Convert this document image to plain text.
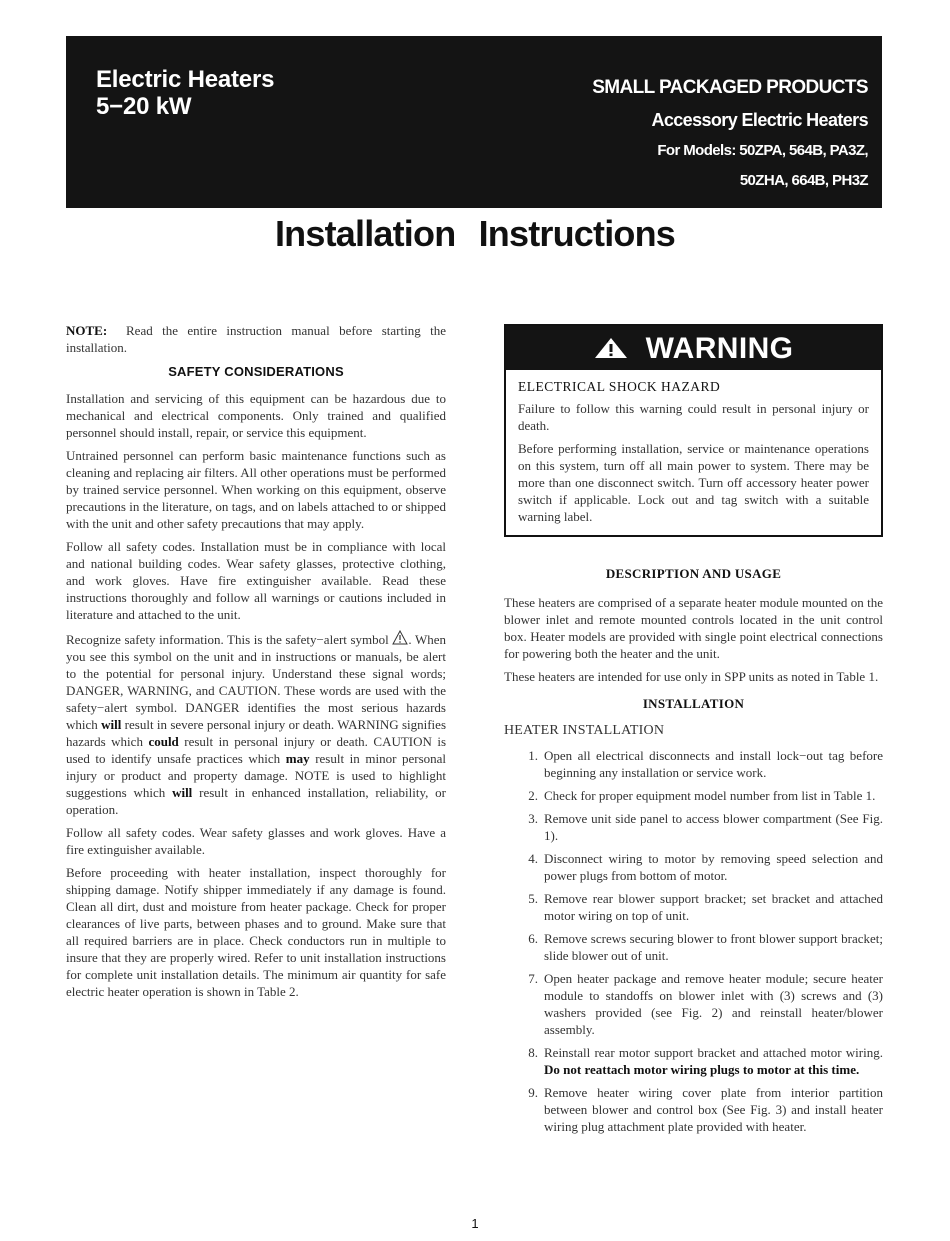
Electric Heaters
5−20 kW
SMALL PACKAGED PRODUCTS
Accessory Electric Heaters
For Models: 50ZPA, 564B, PA3Z,
50ZHA, 664B, PH3Z
Installation Instructions
NOTE: Read the entire instruction manual before starting the installation.
SAFETY CONSIDERATIONS
Installation and servicing of this equipment can be hazardous due to mechanical and electrical components. Only trained and qualified personnel should install, repair, or service this equipment.
Untrained personnel can perform basic maintenance functions such as cleaning and replacing air filters. All other operations must be performed by trained service personnel. When working on this equipment, observe precautions in the literature, on tags, and on labels attached to or shipped with the unit and other safety precautions that may apply.
Follow all safety codes. Installation must be in compliance with local and national building codes. Wear safety glasses, protective clothing, and work gloves. Have fire extinguisher available. Read these instructions thoroughly and follow all warnings or cautions included in literature and attached to the unit.
Recognize safety information. This is the safety−alert symbol . When you see this symbol on the unit and in instructions or manuals, be alert to the potential for personal injury. Understand these signal words; DANGER, WARNING, and CAUTION. These words are used with the safety−alert symbol. DANGER identifies the most serious hazards which will result in severe personal injury or death. WARNING signifies hazards which could result in personal injury or death. CAUTION is used to identify unsafe practices which may result in minor personal injury or product and property damage. NOTE is used to highlight suggestions which will result in enhanced installation, reliability, or operation.
Follow all safety codes. Wear safety glasses and work gloves. Have a fire extinguisher available.
Before proceeding with heater installation, inspect thoroughly for shipping damage. Notify shipper immediately if any damage is found. Clean all dirt, dust and moisture from heater package. Check for proper clearances of live parts, between phases and to ground. Make sure that all required barriers are in place. Check conductors run in multiple to insure that they are properly wired. Refer to unit installation instructions for complete unit installation details. The minimum air quantity for safe electric heater operation is shown in Table 2.
WARNING
ELECTRICAL SHOCK HAZARD
Failure to follow this warning could result in personal injury or death.
Before performing installation, service or maintenance operations on this system, turn off all main power to system. There may be more than one disconnect switch. Turn off accessory heater power switch if applicable. Lock out and tag switch with a suitable warning label.
DESCRIPTION AND USAGE
These heaters are comprised of a separate heater module mounted on the blower inlet and remote mounted controls located in the unit control box. Heater models are provided with single point electrical connections for powering both the heater and the unit.
These heaters are intended for use only in SPP units as noted in Table 1.
INSTALLATION
HEATER INSTALLATION
1. Open all electrical disconnects and install lock−out tag before beginning any installation or service work.
2. Check for proper equipment model number from list in Table 1.
3. Remove unit side panel to access blower compartment (See Fig. 1).
4. Disconnect wiring to motor by removing speed selection and power plugs from bottom of motor.
5. Remove rear blower support bracket; set bracket and attached motor wiring on top of unit.
6. Remove screws securing blower to front blower support bracket; slide blower out of unit.
7. Open heater package and remove heater module; secure heater module to standoffs on blower inlet with (3) screws and (3) washers provided (see Fig. 2) and reinstall heater/blower assembly.
8. Reinstall rear motor support bracket and attached motor wiring. Do not reattach motor wiring plugs to motor at this time.
9. Remove heater wiring cover plate from interior partition between blower and control box (See Fig. 3) and install heater wiring plug attachment plate provided with heater.
1
